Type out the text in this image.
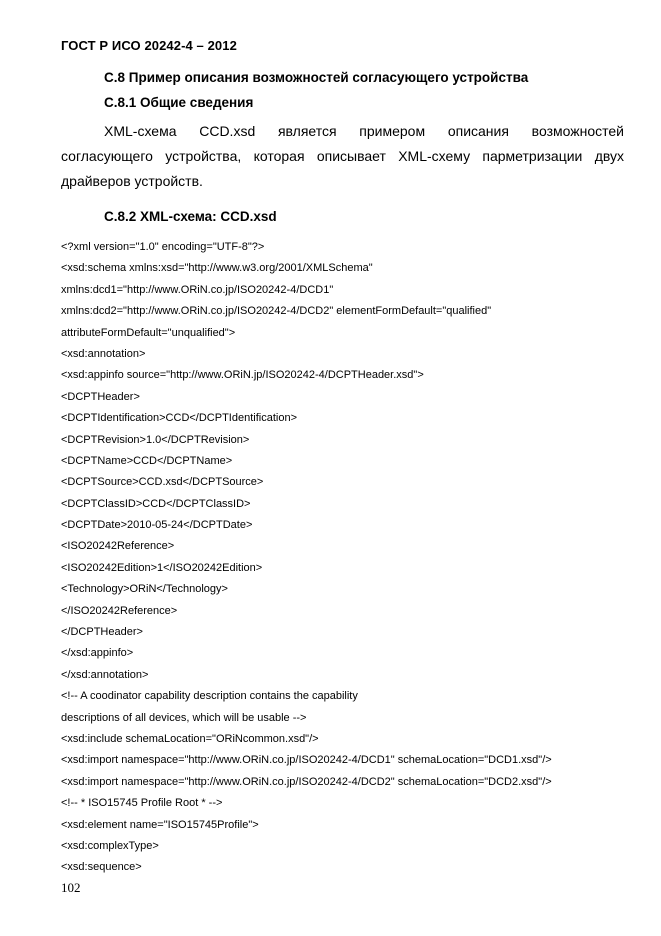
ГОСТ Р ИСО 20242-4 – 2012
С.8 Пример описания возможностей согласующего устройства
С.8.1 Общие сведения
XML-схема CCD.xsd является примером описания возможностей
согласующего устройства, которая описывает XML-схему парметризации двух
драйверов устройств.
С.8.2 XML-схема: CCD.xsd
<?xml version="1.0" encoding="UTF-8"?>
<xsd:schema xmlns:xsd="http://www.w3.org/2001/XMLSchema"
xmlns:dcd1="http://www.ORiN.co.jp/ISO20242-4/DCD1"
xmlns:dcd2="http://www.ORiN.co.jp/ISO20242-4/DCD2" elementFormDefault="qualified"
attributeFormDefault="unqualified">
<xsd:annotation>
<xsd:appinfo source="http://www.ORiN.jp/ISO20242-4/DCPTHeader.xsd">
<DCPTHeader>
<DCPTIdentification>CCD</DCPTIdentification>
<DCPTRevision>1.0</DCPTRevision>
<DCPTName>CCD</DCPTName>
<DCPTSource>CCD.xsd</DCPTSource>
<DCPTClassID>CCD</DCPTClassID>
<DCPTDate>2010-05-24</DCPTDate>
<ISO20242Reference>
<ISO20242Edition>1</ISO20242Edition>
<Technology>ORiN</Technology>
</ISO20242Reference>
</DCPTHeader>
</xsd:appinfo>
</xsd:annotation>
<!-- A coodinator capability description contains the capability
descriptions of all devices, which will be usable -->
<xsd:include schemaLocation="ORiNcommon.xsd"/>
<xsd:import namespace="http://www.ORiN.co.jp/ISO20242-4/DCD1" schemaLocation="DCD1.xsd"/>
<xsd:import namespace="http://www.ORiN.co.jp/ISO20242-4/DCD2" schemaLocation="DCD2.xsd"/>
<!-- * ISO15745 Profile Root * -->
<xsd:element name="ISO15745Profile">
<xsd:complexType>
<xsd:sequence>
102
